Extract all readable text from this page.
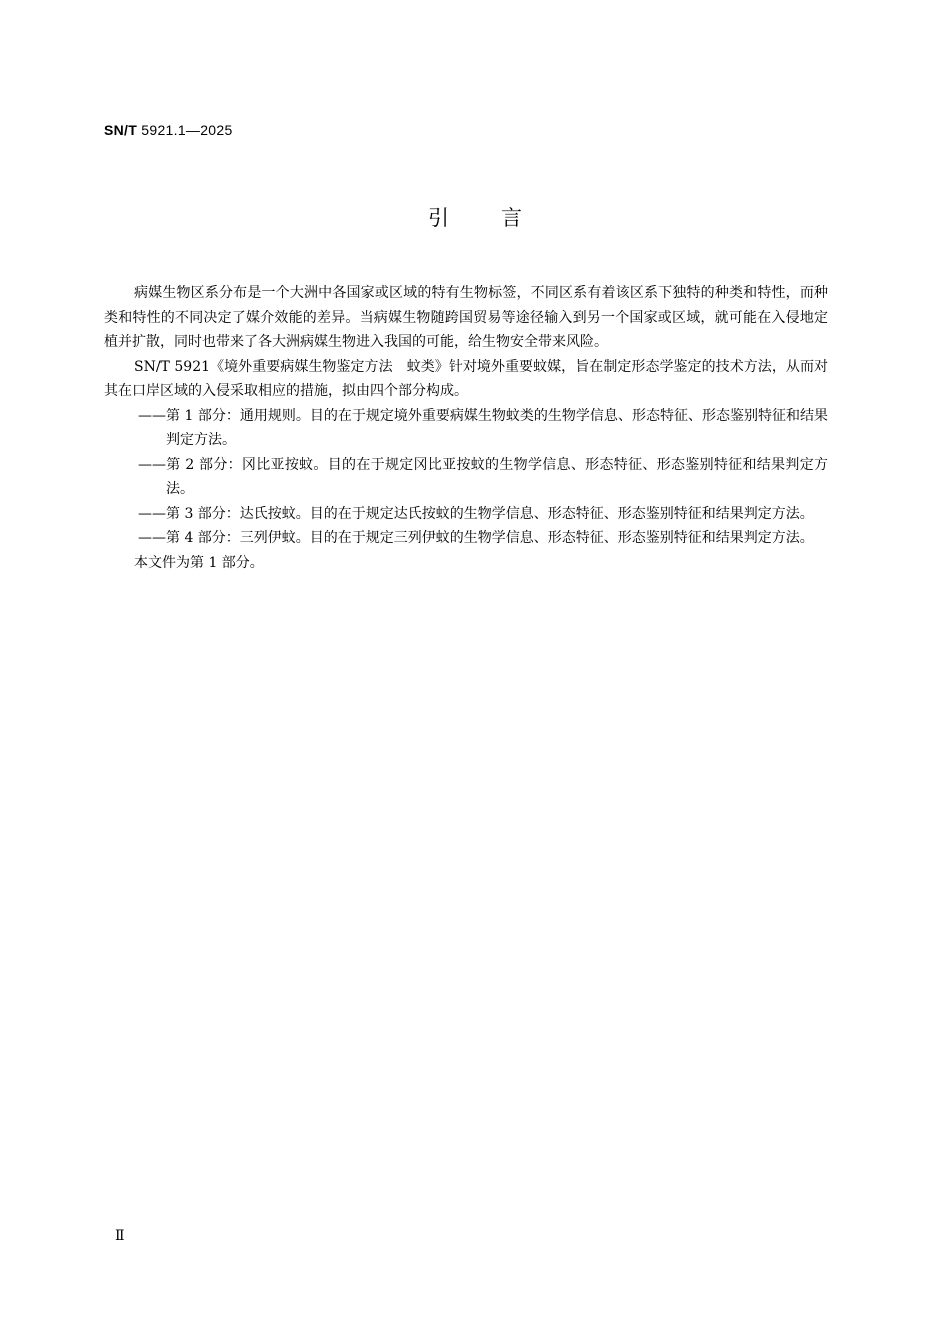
SN/T 5921.1—2025
引言

病媒生物区系分布是一个大洲中各国家或区域的特有生物标签，不同区系有着该区系下独特的种类和特性，而种类和特性的不同决定了媒介效能的差异。当病媒生物随跨国贸易等途径输入到另一个国家或区域，就可能在入侵地定植并扩散，同时也带来了各大洲病媒生物进入我国的可能，给生物安全带来风险。

SN/T 5921《境外重要病媒生物鉴定方法　蚊类》针对境外重要蚊媒，旨在制定形态学鉴定的技术方法，从而对其在口岸区域的入侵采取相应的措施，拟由四个部分构成。

——第 1 部分：通用规则。目的在于规定境外重要病媒生物蚊类的生物学信息、形态特征、形态鉴别特征和结果判定方法。

——第 2 部分：冈比亚按蚊。目的在于规定冈比亚按蚊的生物学信息、形态特征、形态鉴别特征和结果判定方法。

——第 3 部分：达氏按蚊。目的在于规定达氏按蚊的生物学信息、形态特征、形态鉴别特征和结果判定方法。

——第 4 部分：三列伊蚊。目的在于规定三列伊蚊的生物学信息、形态特征、形态鉴别特征和结果判定方法。

本文件为第 1 部分。

Ⅱ
